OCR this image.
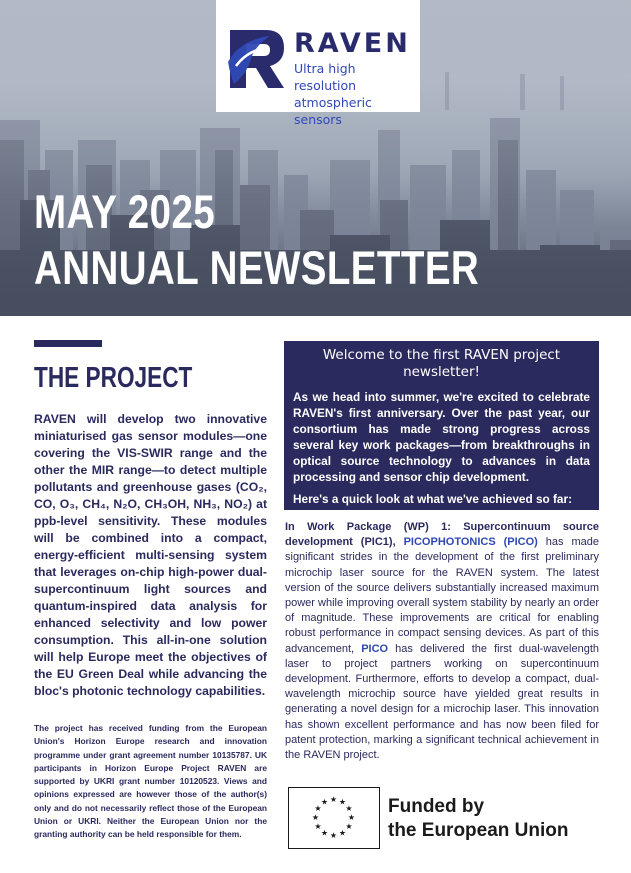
RAVEN
Ultra high resolution
atmospheric sensors
MAY 2025
ANNUAL NEWSLETTER
THE PROJECT

RAVEN will develop two innovative miniaturised gas sensor modules—one covering the VIS-SWIR range and the other the MIR range—to detect multiple pollutants and greenhouse gases (CO₂, CO, O₃, CH₄, N₂O, CH₃OH, NH₃, NO₂) at ppb-level sensitivity. These modules will be combined into a compact, energy-efficient multi-sensing system that leverages on-chip high-power dual-supercontinuum light sources and quantum-inspired data analysis for enhanced selectivity and low power consumption. This all-in-one solution will help Europe meet the objectives of the EU Green Deal while advancing the bloc's photonic technology capabilities.

The project has received funding from the European Union's Horizon Europe research and innovation programme under grant agreement number 10135787. UK participants in Horizon Europe Project RAVEN are supported by UKRI grant number 10120523. Views and opinions expressed are however those of the author(s) only and do not necessarily reflect those of the European Union or UKRI. Neither the European Union nor the granting authority can be held responsible for them.

Welcome to the first RAVEN project newsletter!

As we head into summer, we're excited to celebrate RAVEN's first anniversary. Over the past year, our consortium has made strong progress across several key work packages—from breakthroughs in optical source technology to advances in data processing and sensor chip development.

Here's a quick look at what we've achieved so far:

In Work Package (WP) 1: Supercontinuum source development (PIC1), PICOPHOTONICS (PICO) has made significant strides in the development of the first preliminary microchip laser source for the RAVEN system. The latest version of the source delivers substantially increased maximum power while improving overall system stability by nearly an order of magnitude. These improvements are critical for enabling robust performance in compact sensing devices. As part of this advancement, PICO has delivered the first dual-wavelength laser to project partners working on supercontinuum development. Furthermore, efforts to develop a compact, dual-wavelength microchip source have yielded great results in generating a novel design for a microchip laser. This innovation has shown excellent performance and has now been filed for patent protection, marking a significant technical achievement in the RAVEN project.

★ ★
★
★
★
★
★
★
★
★
★
★	Funded by
the European Union
